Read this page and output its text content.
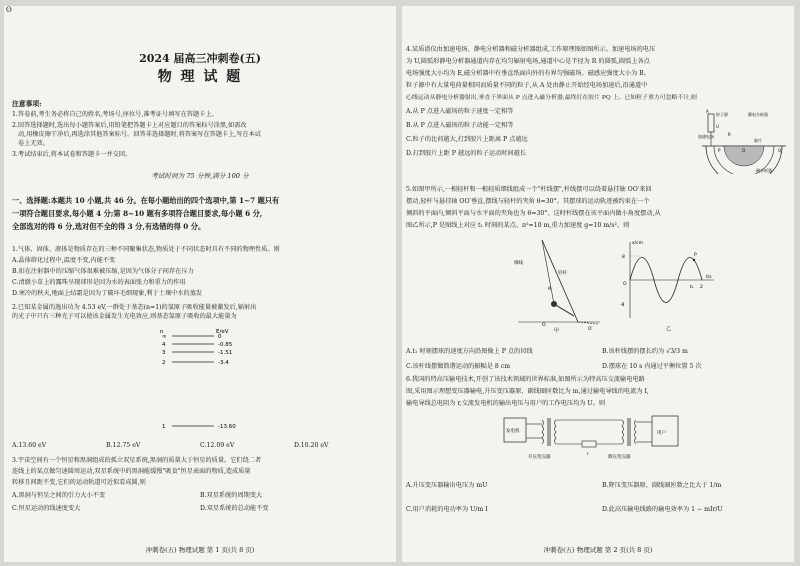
ʘ
2024 届高三冲刺卷(五)
物 理 试 题
注意事项:
1.答卷前,考生务必将自己的姓名,考场号,座位号,准考证号填写在答题卡上。
2.回答选择题时,选出每小题答案后,用铅笔把答题卡上对应题目的答案标号涂黑,如需改
动,用橡皮擦干净后,再选涂其他答案标号。回答非选择题时,将答案写在答题卡上,写在本试
卷上无效。
3.考试结束后,将本试卷和答题卡一并交回。
考试时间为 75 分钟,满分 100 分
一、选择题:本题共 10 小题,共 46 分。在每小题给出的四个选项中,第 1~7 题只有
一项符合题目要求,每小题 4 分;第 8~10 题有多项符合题目要求,每小题 6 分,
全部选对的得 6 分,选对但不全的得 3 分,有选错的得 0 分。
1.气体、固体、液体是物质存在的三种不同聚集状态,物质处于不同状态时具有不同的物理性质。则
A.晶体熔化过程中,温度不变,内能不变
B.扣在注射器中的压缩气体很难被压缩,是因为气体分子间存在斥力
C.清澈小草上的露珠呈现球形是因为水的表面张力和重力的作用
D.寒冷的秋天,地面上结霜是因为了破坏毛细现象,利于土壤中水的蒸发
2.已知某金属的逸出功为 4.53 eV,一群处于基态(n=1)的氢原子吸收能量被激发后,辐射出
的光子中只有三种光子可以使该金属发生光电效应,则基态氢原子吸收的最大能量为
n	E/eV
∞	0
4	-0.85
3	-1.51
2	-3.4
1	-13.60
A.13.60 eV	B.12.75 eV	C.12.09 eV	D.10.20 eV
3.宇宙空间有一个恒星和黑洞组成的孤立双星系统,黑洞的质量大于恒星的质量。它们绕二者
连线上的某点做匀速圆周运动,双星系统中的黑洞能缓慢"吸食"恒星表面的物质,造成质量
转移且间距不变,它们的运动轨道可近似看成圆,则
A.黑洞与恒星之间的引力大小不变	B.双星系统的周期变大
C.恒星运动的线速度变大	D.双星系统的总动能不变
冲刺卷(五) 物理试题 第 1 页(共 8 页)
4.某质谱仪由加速电场、静电分析器和磁分析器组成,工作原理图如图所示。加速电场的电压
为 U,圆弧形静电分析器通道内存在均匀辐射电场,通道中心是半径为 R 的圆弧,圆弧上各点
电场强度大小均为 E,磁分析器中有垂直纸面向外的有界匀强磁场。磁感应强度大小为 B。
粒子源中有大量电荷量相同而质量不同的粒子,从 A 处由静止开始经电场加速后,沿通道中
心线运动从静电分析器射出,垂直于界面从 P 点进入磁分析器,最终打在胶片 PQ 上。已知粒子重力可忽略不计,则
A.从 P 点进入磁场的粒子速度一定相等
B.从 P 点进入磁场的粒子动能一定相等
C.粒子的比荷越大,打到胶片上距离 P 点越远
D.打到胶片上距 P 越远的粒子运动时间越长
粒子源	静电分析器
胶片
磁分析器
加速电场
A
U
O
R
P	Q
5.如图甲所示,一根轻杆和一根轻质细线组成一个"杆线摆",杆线摆可以绕着悬挂轴 OO′来回
摆动,轻杆与悬挂轴 OO′垂直,摆线与轻杆的夹角 θ=30°。其摆球的运动轨迹被约束在一个
倾斜的平面内,倾斜平面与水平面的夹角也为 θ=30°。这时杆线摆在该平面内做小角度摆动,从
图乙所示,P 是图线上对应 t₁ 时刻的某点。π²≈10 m,重力加速度 g=10 m/s²。则
细线
轻杆
θ
O
O′
甲
x/cm
8
O
P
t₁ 2
t/s
-8
乙
A.t₁ 时刻摆球的速度方向沿图像上 P 点的切线	B.该杆线摆的摆长约为 √3/3 m
C.该杆线摆做简谐运动的振幅是 8 cm	D.摆球在 10 s 内通过平衡位置 5 次
6.我国的特高压输电技术,开创了该技术领域的世界标准,如图所示为特高压交流输电电路
图,采用图示理想变压器输电,升压变压器原、副线圈匝数比为 m,通过输电导线的电流为 I,
输电导线总电阻为 r,交流发电机的输出电压与用户的工作电压均为 U。则
发电机
升压变压器
r
降压变压器
用户
A.升压变压器输出电压为 mU	B.降压变压器原、副线圈匝数之比大于 1/m
C.用户消耗的电功率为 U/m I	D.此高压输电线路的输电效率为 1 − mIr/U
冲刺卷(五) 物理试题 第 2 页(共 8 页)
